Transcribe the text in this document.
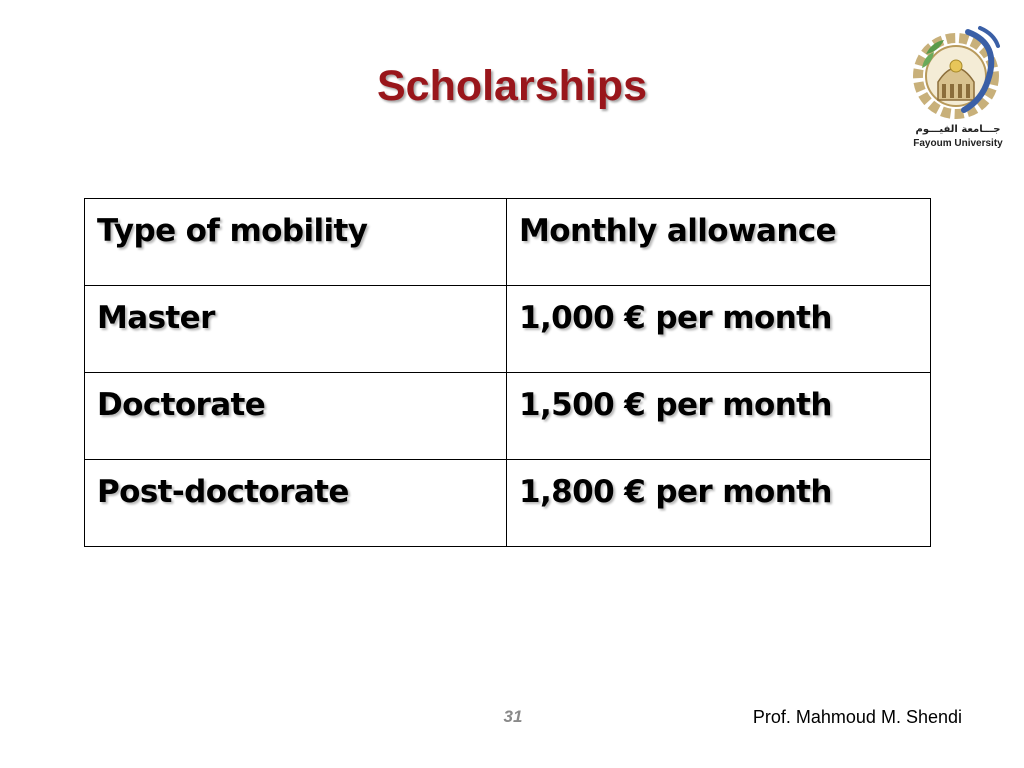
Scholarships
جـــامعة الفيـــوم
Fayoum University
Type of mobility	Monthly allowance

Master	1,000 € per month

Doctorate	1,500 € per month

Post-doctorate	1,800 € per month
31	Prof. Mahmoud M. Shendi
